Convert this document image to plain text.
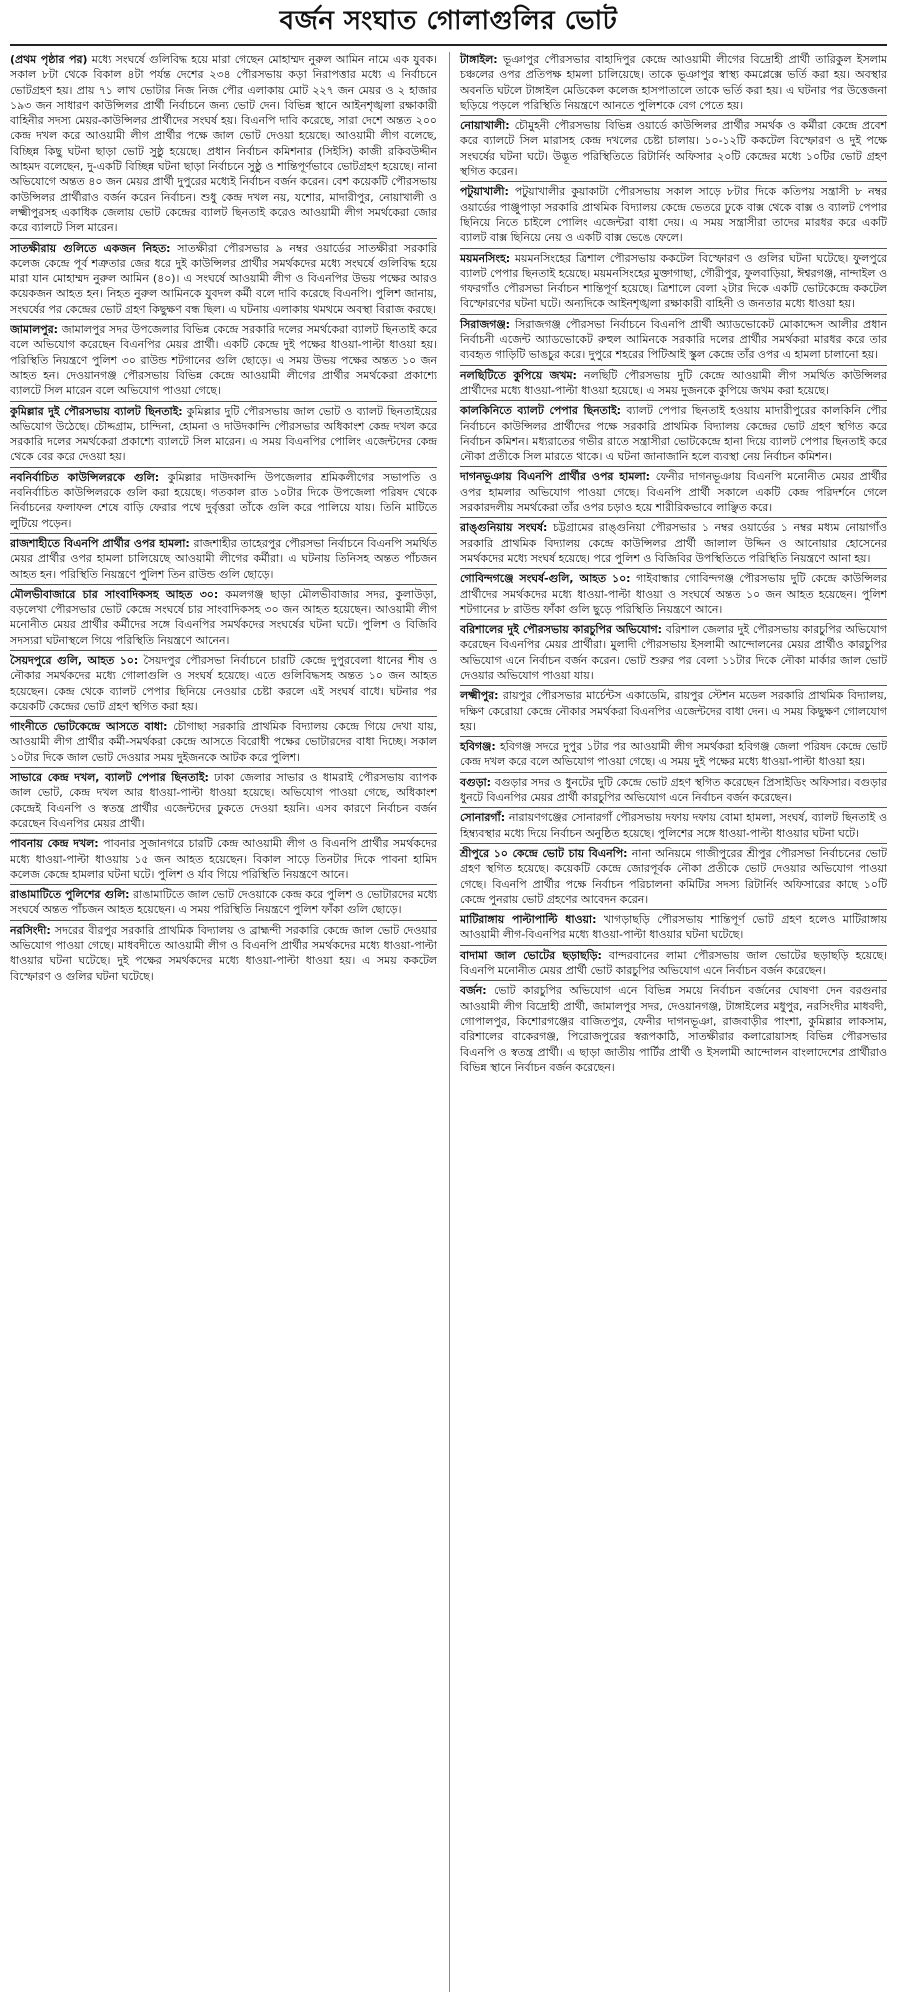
বর্জন সংঘাত গোলাগুলির ভোট

(প্রথম পৃষ্ঠার পর) মধ্যে সংঘর্ষে গুলিবিদ্ধ হয়ে মারা গেছেন মোহাম্মদ নুরুল আমিন নামে এক যুবক। সকাল ৮টা থেকে বিকাল ৪টা পর্যন্ত দেশের ২৩৪ পৌরসভায় কড়া নিরাপত্তার মধ্যে এ নির্বাচনে ভোটগ্রহণ হয়। প্রায় ৭১ লাখ ভোটার নিজ নিজ পৌর এলাকায় মোট ২২৭ জন মেয়র ও ২ হাজার ১৯৩ জন সাধারণ কাউন্সিলর প্রার্থী নির্বাচনে জন্য ভোট দেন। বিভিন্ন স্থানে আইনশৃঙ্খলা রক্ষাকারী বাহিনীর সদস্য মেয়র-কাউন্সিলর প্রার্থীদের সংঘর্ষ হয়। বিএনপি দাবি করেছে, সারা দেশে অন্তত ২০০ কেন্দ্র দখল করে আওয়ামী লীগ প্রার্থীর পক্ষে জাল ভোট দেওয়া হয়েছে। আওয়ামী লীগ বলেছে, বিচ্ছিন্ন কিছু ঘটনা ছাড়া ভোট সুষ্ঠু হয়েছে। প্রধান নির্বাচন কমিশনার (সিইসি) কাজী রকিবউদ্দীন আহমদ বলেছেন, দু-একটি বিচ্ছিন্ন ঘটনা ছাড়া নির্বাচনে সুষ্ঠু ও শান্তিপূর্ণভাবে ভোটগ্রহণ হয়েছে। নানা অভিযোগে অন্তত ৪০ জন মেয়র প্রার্থী দুপুরের মধ্যেই নির্বাচন বর্জন করেন। বেশ কয়েকটি পৌরসভায় কাউন্সিলর প্রার্থীরাও বর্জন করেন নির্বাচন। শুধু কেন্দ্র দখল নয়, যশোর, মাদারীপুর, নোয়াখালী ও লক্ষ্মীপুরসহ একাধিক জেলায় ভোট কেন্দ্রের ব্যালট ছিনতাই করেও আওয়ামী লীগ সমর্থকেরা জোর করে ব্যালটে সিল মারেন।

সাতক্ষীরায় গুলিতে একজন নিহত: সাতক্ষীরা পৌরসভার ৯ নম্বর ওয়ার্ডের সাতক্ষীরা সরকারি কলেজ কেন্দ্রে পূর্ব শত্রুতার জের ধরে দুই কাউন্সিলর প্রার্থীর সমর্থকদের মধ্যে সংঘর্ষে গুলিবিদ্ধ হয়ে মারা যান মোহাম্মদ নুরুল আমিন (৪০)। এ সংঘর্ষে আওয়ামী লীগ ও বিএনপির উভয় পক্ষের আরও কয়েকজন আহত হন। নিহত নুরুল আমিনকে যুবদল কর্মী বলে দাবি করেছে বিএনপি। পুলিশ জানায়, সংঘর্ষের পর কেন্দ্রের ভোট গ্রহণ কিছুক্ষণ বন্ধ ছিল। এ ঘটনায় এলাকায় থমথমে অবস্থা বিরাজ করছে।

জামালপুর: জামালপুর সদর উপজেলার বিভিন্ন কেন্দ্রে সরকারি দলের সমর্থকেরা ব্যালট ছিনতাই করে বলে অভিযোগ করেছেন বিএনপির মেয়র প্রার্থী। একটি কেন্দ্রে দুই পক্ষের ধাওয়া-পাল্টা ধাওয়া হয়। পরিস্থিতি নিয়ন্ত্রণে পুলিশ ৩০ রাউন্ড শটগানের গুলি ছোড়ে। এ সময় উভয় পক্ষের অন্তত ১০ জন আহত হন। দেওয়ানগঞ্জ পৌরসভায় বিভিন্ন কেন্দ্রে আওয়ামী লীগের প্রার্থীর সমর্থকেরা প্রকাশ্যে ব্যালটে সিল মারেন বলে অভিযোগ পাওয়া গেছে।

কুমিল্লার দুই পৌরসভায় ব্যালট ছিনতাই: কুমিল্লার দুটি পৌরসভায় জাল ভোট ও ব্যালট ছিনতাইয়ের অভিযোগ উঠেছে। চৌদ্দগ্রাম, চান্দিনা, হোমনা ও দাউদকান্দি পৌরসভার অধিকাংশ কেন্দ্র দখল করে সরকারি দলের সমর্থকেরা প্রকাশ্যে ব্যালটে সিল মারেন। এ সময় বিএনপির পোলিং এজেন্টদের কেন্দ্র থেকে বের করে দেওয়া হয়।

নবনির্বাচিত কাউন্সিলরকে গুলি: কুমিল্লার দাউদকান্দি উপজেলার শ্রমিকলীগের সভাপতি ও নবনির্বাচিত কাউন্সিলরকে গুলি করা হয়েছে। গতকাল রাত ১০টার দিকে উপজেলা পরিষদ থেকে নির্বাচনের ফলাফল শেষে বাড়ি ফেরার পথে দুর্বৃত্তরা তাঁকে গুলি করে পালিয়ে যায়। তিনি মাটিতে লুটিয়ে পড়েন।

রাজশাহীতে বিএনপি প্রার্থীর ওপর হামলা: রাজশাহীর তাহেরপুর পৌরসভা নির্বাচনে বিএনপি সমর্থিত মেয়র প্রার্থীর ওপর হামলা চালিয়েছে আওয়ামী লীগের কর্মীরা। এ ঘটনায় তিনিসহ অন্তত পাঁচজন আহত হন। পরিস্থিতি নিয়ন্ত্রণে পুলিশ তিন রাউন্ড গুলি ছোড়ে।

মৌলভীবাজারে চার সাংবাদিকসহ আহত ৩০: কমলগঞ্জ ছাড়া মৌলভীবাজার সদর, কুলাউড়া, বড়লেখা পৌরসভার ভোট কেন্দ্রে সংঘর্ষে চার সাংবাদিকসহ ৩০ জন আহত হয়েছেন। আওয়ামী লীগ মনোনীত মেয়র প্রার্থীর কর্মীদের সঙ্গে বিএনপির সমর্থকদের সংঘর্ষের ঘটনা ঘটে। পুলিশ ও বিজিবি সদস্যরা ঘটনাস্থলে গিয়ে পরিস্থিতি নিয়ন্ত্রণে আনেন।

সৈয়দপুরে গুলি, আহত ১০: সৈয়দপুর পৌরসভা নির্বাচনে চারটি কেন্দ্রে দুপুরবেলা ধানের শীষ ও নৌকার সমর্থকদের মধ্যে গোলাগুলি ও সংঘর্ষ হয়েছে। এতে গুলিবিদ্ধসহ অন্তত ১০ জন আহত হয়েছেন। কেন্দ্র থেকে ব্যালট পেপার ছিনিয়ে নেওয়ার চেষ্টা করলে এই সংঘর্ষ বাধে। ঘটনার পর কয়েকটি কেন্দ্রের ভোট গ্রহণ স্থগিত করা হয়।

গাংনীতে ভোটকেন্দ্রে আসতে বাধা: চৌগাছা সরকারি প্রাথমিক বিদ্যালয় কেন্দ্রে গিয়ে দেখা যায়, আওয়ামী লীগ প্রার্থীর কর্মী-সমর্থকরা কেন্দ্রে আসতে বিরোধী পক্ষের ভোটারদের বাধা দিচ্ছে। সকাল ১০টার দিকে জাল ভোট দেওয়ার সময় দুইজনকে আটক করে পুলিশ।

সাভারে কেন্দ্র দখল, ব্যালট পেপার ছিনতাই: ঢাকা জেলার সাভার ও ধামরাই পৌরসভায় ব্যাপক জাল ভোট, কেন্দ্র দখল আর ধাওয়া-পাল্টা ধাওয়া হয়েছে। অভিযোগ পাওয়া গেছে, অধিকাংশ কেন্দ্রেই বিএনপি ও স্বতন্ত্র প্রার্থীর এজেন্টদের ঢুকতে দেওয়া হয়নি। এসব কারণে নির্বাচন বর্জন করেছেন বিএনপির মেয়র প্রার্থী।

পাবনায় কেন্দ্র দখল: পাবনার সুজানগরে চারটি কেন্দ্র আওয়ামী লীগ ও বিএনপি প্রার্থীর সমর্থকদের মধ্যে ধাওয়া-পাল্টা ধাওয়ায় ১৫ জন আহত হয়েছেন। বিকাল সাড়ে তিনটার দিকে পাবনা হামিদ কলেজ কেন্দ্রে হামলার ঘটনা ঘটে। পুলিশ ও র্যাব গিয়ে পরিস্থিতি নিয়ন্ত্রণে আনে।

রাঙামাটিতে পুলিশের গুলি: রাঙামাটিতে জাল ভোট দেওয়াকে কেন্দ্র করে পুলিশ ও ভোটারদের মধ্যে সংঘর্ষে অন্তত পাঁচজন আহত হয়েছেন। এ সময় পরিস্থিতি নিয়ন্ত্রণে পুলিশ ফাঁকা গুলি ছোড়ে।

নরসিংদী: সদরের বীরপুর সরকারি প্রাথমিক বিদ্যালয় ও ব্রাহ্মন্দী সরকারি কেন্দ্রে জাল ভোট দেওয়ার অভিযোগ পাওয়া গেছে। মাধবদীতে আওয়ামী লীগ ও বিএনপি প্রার্থীর সমর্থকদের মধ্যে ধাওয়া-পাল্টা ধাওয়ার ঘটনা ঘটেছে। দুই পক্ষের সমর্থকদের মধ্যে ধাওয়া-পাল্টা ধাওয়া হয়। এ সময় ককটেল বিস্ফোরণ ও গুলির ঘটনা ঘটেছে।

টাঙ্গাইল: ভূঞাপুর পৌরসভার বাহাদিপুর কেন্দ্রে আওয়ামী লীগের বিদ্রোহী প্রার্থী তারিকুল ইসলাম চঞ্চলের ওপর প্রতিপক্ষ হামলা চালিয়েছে। তাকে ভূঞাপুর স্বাস্থ্য কমপ্লেক্সে ভর্তি করা হয়। অবস্থার অবনতি ঘটলে টাঙ্গাইল মেডিকেল কলেজ হাসপাতালে তাকে ভর্তি করা হয়। এ ঘটনার পর উত্তেজনা ছড়িয়ে পড়লে পরিস্থিতি নিয়ন্ত্রণে আনতে পুলিশকে বেগ পেতে হয়।

নোয়াখালী: চৌমুহনী পৌরসভায় বিভিন্ন ওয়ার্ডে কাউন্সিলর প্রার্থীর সমর্থক ও কর্মীরা কেন্দ্রে প্রবেশ করে ব্যালটে সিল মারাসহ কেন্দ্র দখলের চেষ্টা চালায়। ১০-১২টি ককটেল বিস্ফোরণ ও দুই পক্ষে সংঘর্ষের ঘটনা ঘটে। উদ্ভূত পরিস্থিতিতে রিটার্নিং অফিসার ২০টি কেন্দ্রের মধ্যে ১০টির ভোট গ্রহণ স্থগিত করেন।

পটুয়াখালী: পটুয়াখালীর কুয়াকাটা পৌরসভায় সকাল সাড়ে ৮টার দিকে কতিপয় সন্ত্রাসী ৮ নম্বর ওয়ার্ডের পাঞ্জুপাড়া সরকারি প্রাথমিক বিদ্যালয় কেন্দ্রে ভেতরে ঢুকে বাক্স থেকে বাক্স ও ব্যালট পেপার ছিনিয়ে নিতে চাইলে পোলিং এজেন্টরা বাধা দেয়। এ সময় সন্ত্রাসীরা তাদের মারধর করে একটি ব্যালট বাক্স ছিনিয়ে নেয় ও একটি বাক্স ভেঙে ফেলে।

ময়মনসিংহ: ময়মনসিংহের ত্রিশাল পৌরসভায় ককটেল বিস্ফোরণ ও গুলির ঘটনা ঘটেছে। ফুলপুরে ব্যালট পেপার ছিনতাই হয়েছে। ময়মনসিংহের মুক্তাগাছা, গৌরীপুর, ফুলবাড়িয়া, ঈশ্বরগঞ্জ, নান্দাইল ও গফরগাঁও পৌরসভা নির্বাচন শান্তিপূর্ণ হয়েছে। ত্রিশালে বেলা ২টার দিকে একটি ভোটকেন্দ্রে ককটেল বিস্ফোরণের ঘটনা ঘটে। অন্যদিকে আইনশৃঙ্খলা রক্ষাকারী বাহিনী ও জনতার মধ্যে ধাওয়া হয়।

সিরাজগঞ্জ: সিরাজগঞ্জ পৌরসভা নির্বাচনে বিএনপি প্রার্থী অ্যাডভোকেট মোকাদ্দেস আলীর প্রধান নির্বাচনী এজেন্ট অ্যাডভোকেট রুহুল আমিনকে সরকারি দলের প্রার্থীর সমর্থকরা মারধর করে তার ব্যবহৃত গাড়িটি ভাঙচুর করে। দুপুরে শহরের পিটিআই স্কুল কেন্দ্রে তাঁর ওপর এ হামলা চালানো হয়।

নলছিটিতে কুপিয়ে জখম: নলছিটি পৌরসভায় দুটি কেন্দ্রে আওয়ামী লীগ সমর্থিত কাউন্সিলর প্রার্থীদের মধ্যে ধাওয়া-পাল্টা ধাওয়া হয়েছে। এ সময় দুজনকে কুপিয়ে জখম করা হয়েছে।

কালকিনিতে ব্যালট পেপার ছিনতাই: ব্যালট পেপার ছিনতাই হওয়ায় মাদারীপুরের কালকিনি পৌর নির্বাচনে কাউন্সিলর প্রার্থীদের পক্ষে সরকারি প্রাথমিক বিদ্যালয় কেন্দ্রের ভোট গ্রহণ স্থগিত করে নির্বাচন কমিশন। মধ্যরাতের গভীর রাতে সন্ত্রাসীরা ভোটকেন্দ্রে হানা দিয়ে ব্যালট পেপার ছিনতাই করে নৌকা প্রতীকে সিল মারতে থাকে। এ ঘটনা জানাজানি হলে ব্যবস্থা নেয় নির্বাচন কমিশন।

দাগনভূঞায় বিএনপি প্রার্থীর ওপর হামলা: ফেনীর দাগনভূঞায় বিএনপি মনোনীত মেয়র প্রার্থীর ওপর হামলার অভিযোগ পাওয়া গেছে। বিএনপি প্রার্থী সকালে একটি কেন্দ্র পরিদর্শনে গেলে সরকারদলীয় সমর্থকেরা তাঁর ওপর চড়াও হয়ে শারীরিকভাবে লাঞ্ছিত করে।

রাঙ্গুনিয়ায় সংঘর্ষ: চট্টগ্রামের রাঙ্গুনিয়া পৌরসভার ১ নম্বর ওয়ার্ডের ১ নম্বর মধ্যম নোয়াগাঁও সরকারি প্রাথমিক বিদ্যালয় কেন্দ্রে কাউন্সিলর প্রার্থী জালাল উদ্দিন ও আনোয়ার হোসেনের সমর্থকদের মধ্যে সংঘর্ষ হয়েছে। পরে পুলিশ ও বিজিবির উপস্থিতিতে পরিস্থিতি নিয়ন্ত্রণে আনা হয়।

গোবিন্দগঞ্জে সংঘর্ষ-গুলি, আহত ১০: গাইবান্ধার গোবিন্দগঞ্জ পৌরসভায় দুটি কেন্দ্রে কাউন্সিলর প্রার্থীদের সমর্থকদের মধ্যে ধাওয়া-পাল্টা ধাওয়া ও সংঘর্ষে অন্তত ১০ জন আহত হয়েছেন। পুলিশ শটগানের ৮ রাউন্ড ফাঁকা গুলি ছুড়ে পরিস্থিতি নিয়ন্ত্রণে আনে।

বরিশালের দুই পৌরসভায় কারচুপির অভিযোগ: বরিশাল জেলার দুই পৌরসভায় কারচুপির অভিযোগ করেছেন বিএনপির মেয়র প্রার্থীরা। মুলাদী পৌরসভায় ইসলামী আন্দোলনের মেয়র প্রার্থীও কারচুপির অভিযোগ এনে নির্বাচন বর্জন করেন। ভোট শুরুর পর বেলা ১১টার দিকে নৌকা মার্কার জাল ভোট দেওয়ার অভিযোগ পাওয়া যায়।

লক্ষ্মীপুর: রায়পুর পৌরসভার মার্চেন্টস একাডেমি, রায়পুর স্টেশন মডেল সরকারি প্রাথমিক বিদ্যালয়, দক্ষিণ কেরোয়া কেন্দ্রে নৌকার সমর্থকরা বিএনপির এজেন্টদের বাধা দেন। এ সময় কিছুক্ষণ গোলযোগ হয়।

হবিগঞ্জ: হবিগঞ্জ সদরে দুপুর ১টার পর আওয়ামী লীগ সমর্থকরা হবিগঞ্জ জেলা পরিষদ কেন্দ্রে ভোট কেন্দ্র দখল করে বলে অভিযোগ পাওয়া গেছে। এ সময় দুই পক্ষের মধ্যে ধাওয়া-পাল্টা ধাওয়া হয়।

বগুড়া: বগুড়ার সদর ও ধুনটের দুটি কেন্দ্রে ভোট গ্রহণ স্থগিত করেছেন প্রিসাইডিং অফিসার। বগুড়ার ধুনটে বিএনপির মেয়র প্রার্থী কারচুপির অভিযোগ এনে নির্বাচন বর্জন করেছেন।

সোনারগাঁ: নারায়ণগঞ্জের সোনারগাঁ পৌরসভায় দফায় দফায় বোমা হামলা, সংঘর্ষ, ব্যালট ছিনতাই ও হিম্ব্যবস্থার মধ্যে দিয়ে নির্বাচন অনুষ্ঠিত হয়েছে। পুলিশের সঙ্গে ধাওয়া-পাল্টা ধাওয়ার ঘটনা ঘটে।

শ্রীপুরে ১০ কেন্দ্রে ভোট চায় বিএনপি: নানা অনিয়মে গাজীপুরের শ্রীপুর পৌরসভা নির্বাচনের ভোট গ্রহণ স্থগিত হয়েছে। কয়েকটি কেন্দ্রে জোরপূর্বক নৌকা প্রতীকে ভোট দেওয়ার অভিযোগ পাওয়া গেছে। বিএনপি প্রার্থীর পক্ষে নির্বাচন পরিচালনা কমিটির সদস্য রিটার্নিং অফিসারের কাছে ১০টি কেন্দ্রে পুনরায় ভোট গ্রহণের আবেদন করেন।

মাটিরাঙ্গায় পাল্টাপাল্টি ধাওয়া: খাগড়াছড়ি পৌরসভায় শান্তিপূর্ণ ভোট গ্রহণ হলেও মাটিরাঙ্গায় আওয়ামী লীগ-বিএনপির মধ্যে ধাওয়া-পাল্টা ধাওয়ার ঘটনা ঘটেছে।

বাদামা জাল ভোটের ছড়াছড়ি: বান্দরবানের লামা পৌরসভায় জাল ভোটের ছড়াছড়ি হয়েছে। বিএনপি মনোনীত মেয়র প্রার্থী ভোট কারচুপির অভিযোগ এনে নির্বাচন বর্জন করেছেন।

বর্জন: ভোট কারচুপির অভিযোগ এনে বিভিন্ন সময়ে নির্বাচন বর্জনের ঘোষণা দেন বরগুনার আওয়ামী লীগ বিদ্রোহী প্রার্থী, জামালপুর সদর, দেওয়ানগঞ্জ, টাঙ্গাইলের মধুপুর, নরসিংদীর মাধবদী, গোপালপুর, কিশোরগঞ্জের বাজিতপুর, ফেনীর দাগনভূঞা, রাজবাড়ীর পাংশা, কুমিল্লার লাকসাম, বরিশালের বাকেরগঞ্জ, পিরোজপুরের স্বরূপকাঠি, সাতক্ষীরার কলারোয়াসহ বিভিন্ন পৌরসভার বিএনপি ও স্বতন্ত্র প্রার্থী। এ ছাড়া জাতীয় পার্টির প্রার্থী ও ইসলামী আন্দোলন বাংলাদেশের প্রার্থীরাও বিভিন্ন স্থানে নির্বাচন বর্জন করেছেন।
